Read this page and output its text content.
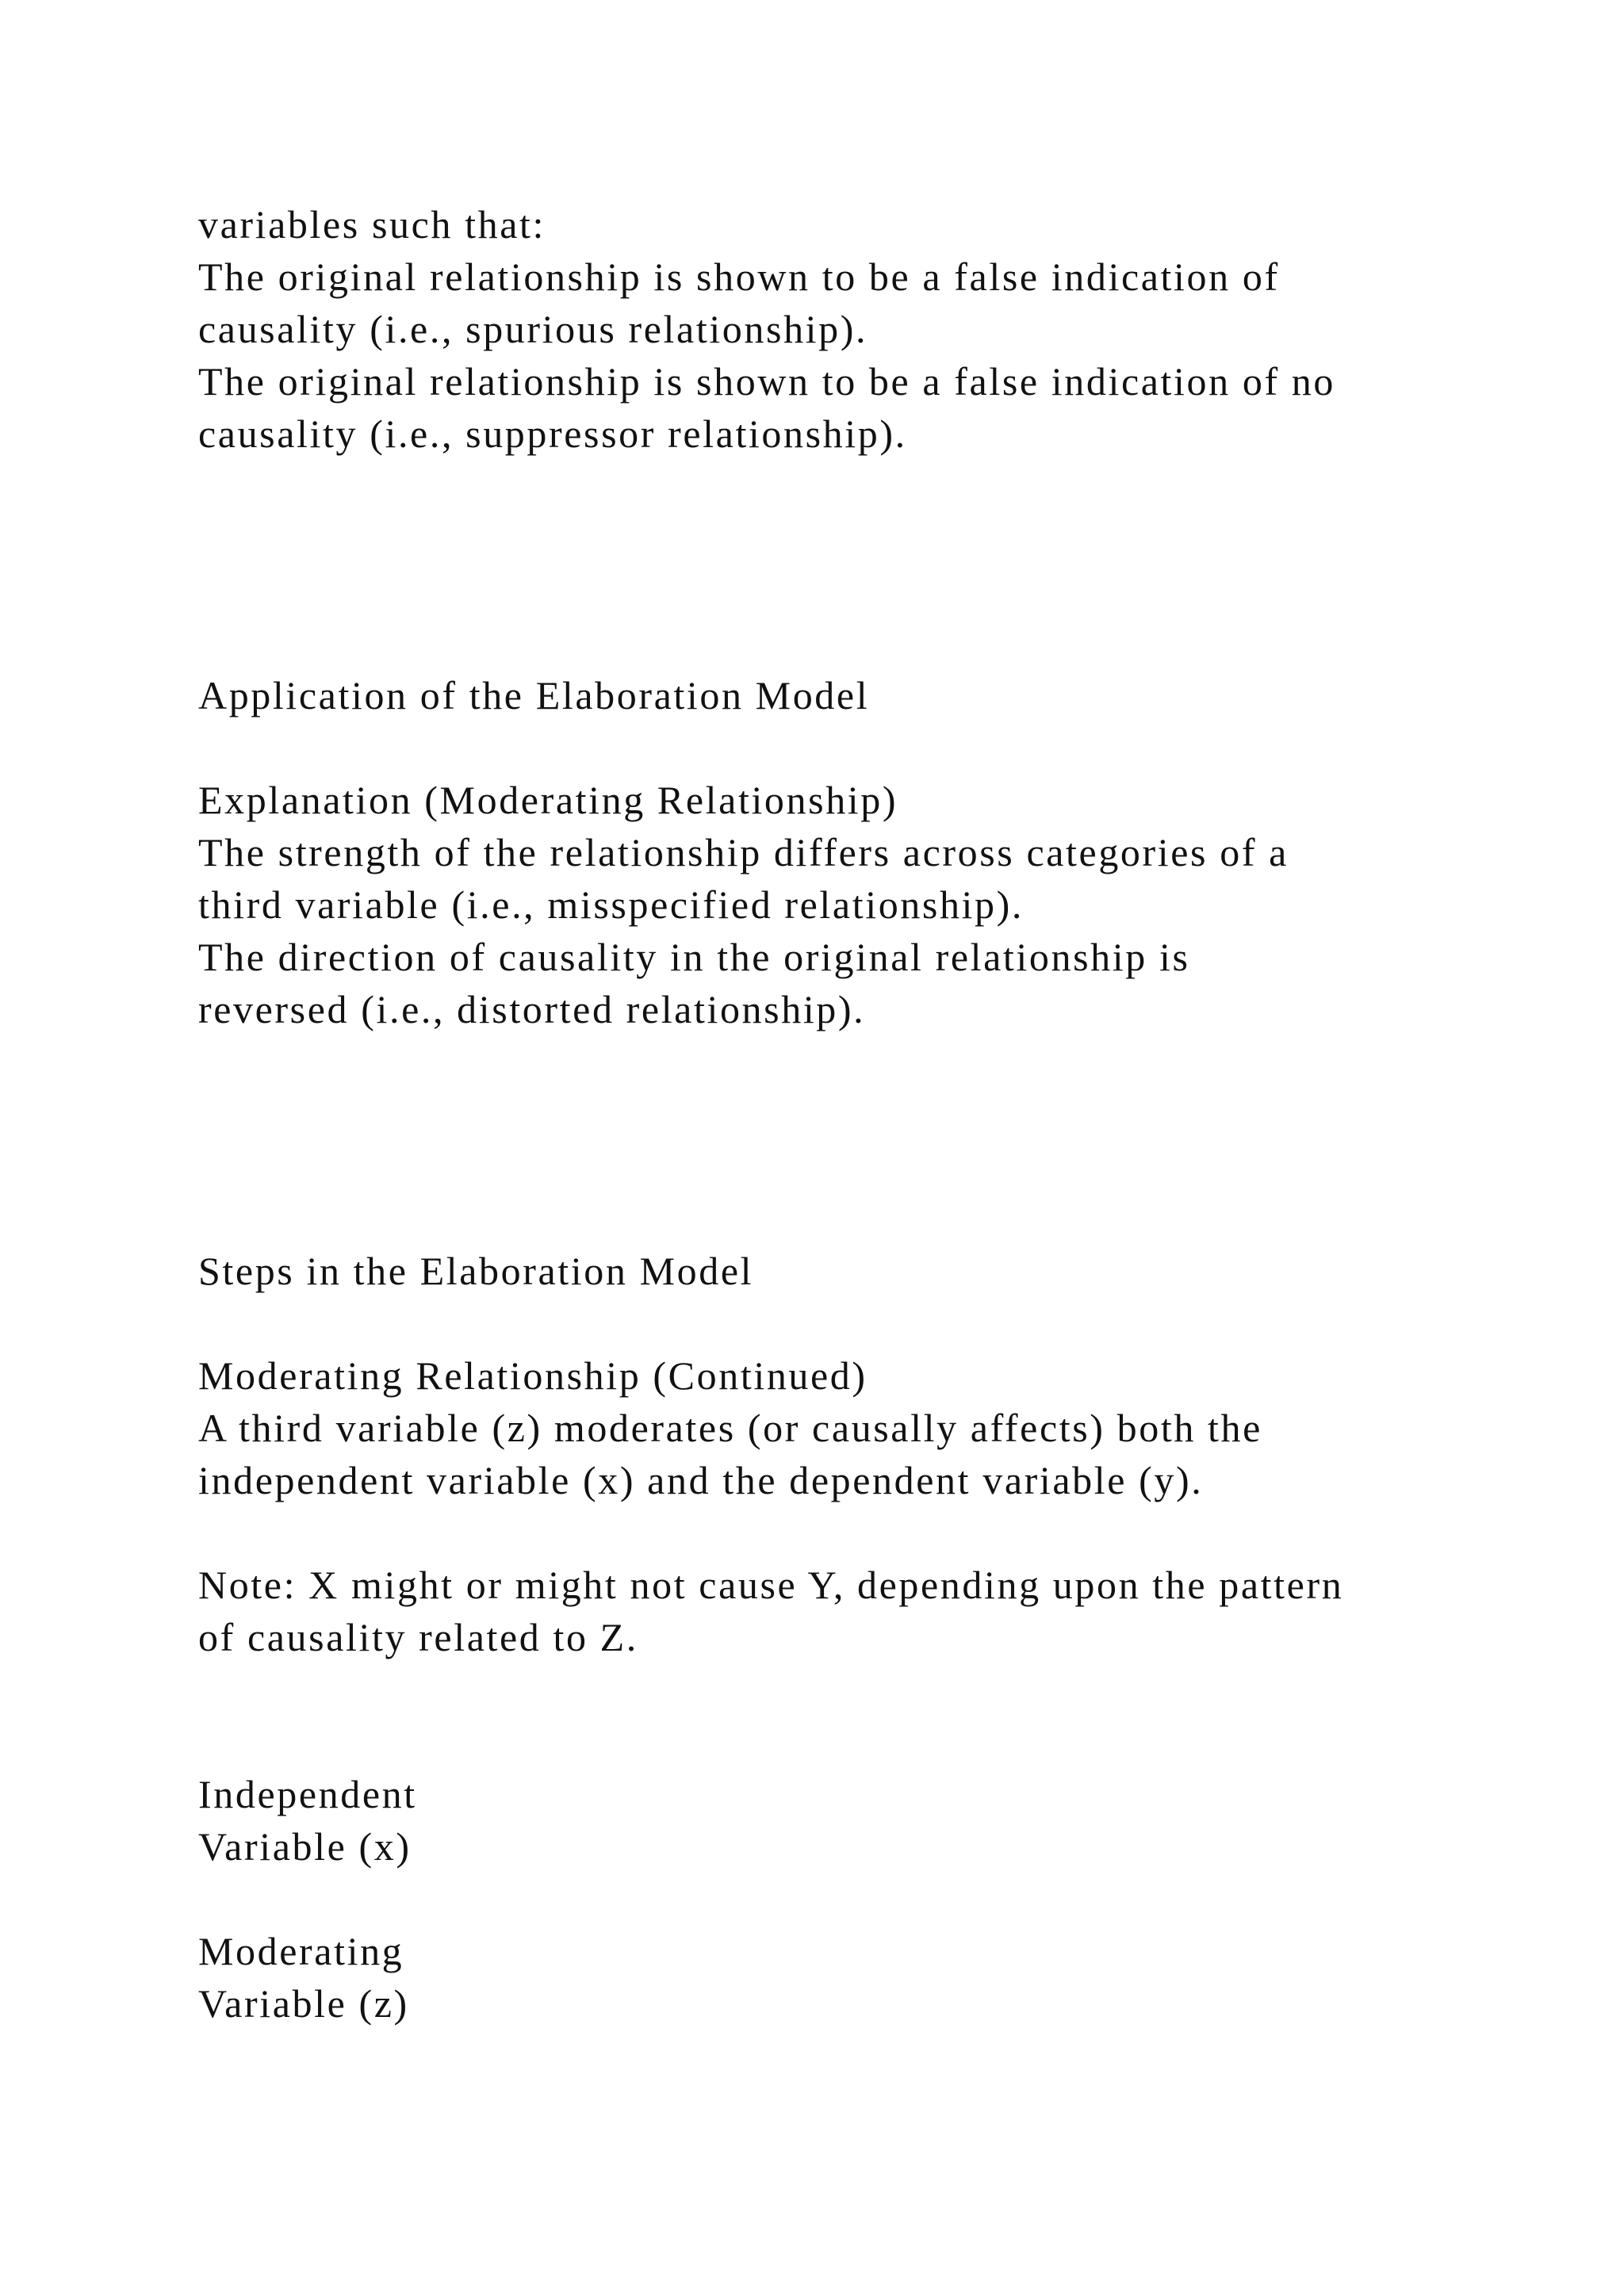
variables such that:

The original relationship is shown to be a false indication of

causality (i.e., spurious relationship).

The original relationship is shown to be a false indication of no

causality (i.e., suppressor relationship).

Application of the Elaboration Model

Explanation (Moderating Relationship)

The strength of the relationship differs across categories of a

third variable (i.e., misspecified relationship).

The direction of causality in the original relationship is

reversed (i.e., distorted relationship).

Steps in the Elaboration Model

Moderating Relationship (Continued)

A third variable (z) moderates (or causally affects) both the

independent variable (x) and the dependent variable (y).

Note: X might or might not cause Y, depending upon the pattern

of causality related to Z.

Independent

Variable (x)

Moderating

Variable (z)
